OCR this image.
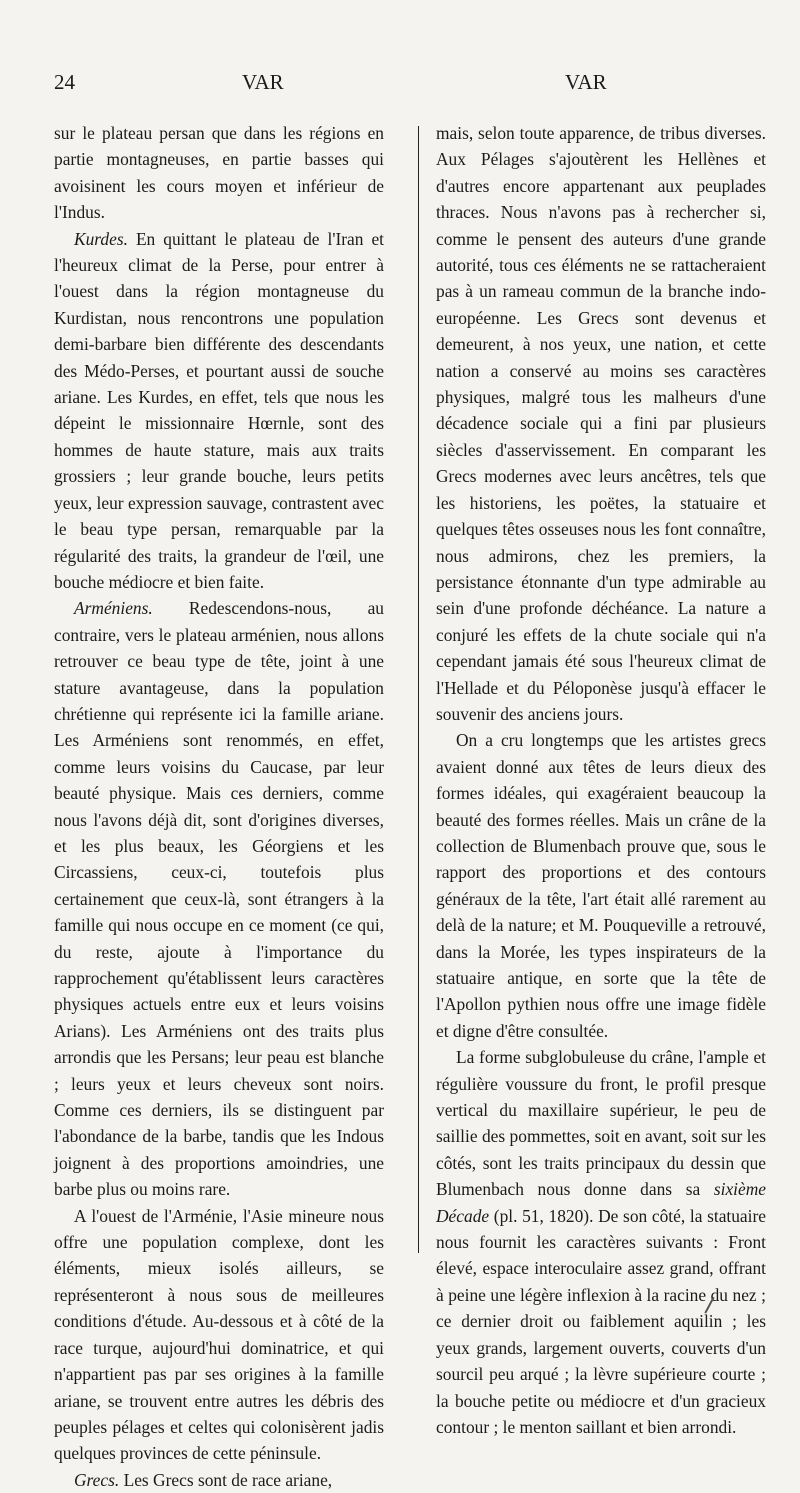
24	VAR	VAR

sur le plateau persan que dans les régions en partie montagneuses, en partie basses qui avoisinent les cours moyen et inférieur de l'Indus.

Kurdes. En quittant le plateau de l'Iran et l'heureux climat de la Perse, pour entrer à l'ouest dans la région montagneuse du Kurdistan, nous rencontrons une population demi-barbare bien différente des descendants des Médo-Perses, et pourtant aussi de souche ariane. Les Kurdes, en effet, tels que nous les dépeint le missionnaire Hœrnle, sont des hommes de haute stature, mais aux traits grossiers ; leur grande bouche, leurs petits yeux, leur expression sauvage, contrastent avec le beau type persan, remarquable par la régularité des traits, la grandeur de l'œil, une bouche médiocre et bien faite.

Arméniens. Redescendons-nous, au contraire, vers le plateau arménien, nous allons retrouver ce beau type de tête, joint à une stature avantageuse, dans la population chrétienne qui représente ici la famille ariane. Les Arméniens sont renommés, en effet, comme leurs voisins du Caucase, par leur beauté physique. Mais ces derniers, comme nous l'avons déjà dit, sont d'origines diverses, et les plus beaux, les Géorgiens et les Circassiens, ceux-ci, toutefois plus certainement que ceux-là, sont étrangers à la famille qui nous occupe en ce moment (ce qui, du reste, ajoute à l'importance du rapprochement qu'établissent leurs caractères physiques actuels entre eux et leurs voisins Arians). Les Arméniens ont des traits plus arrondis que les Persans; leur peau est blanche ; leurs yeux et leurs cheveux sont noirs. Comme ces derniers, ils se distinguent par l'abondance de la barbe, tandis que les Indous joignent à des proportions amoindries, une barbe plus ou moins rare.

A l'ouest de l'Arménie, l'Asie mineure nous offre une population complexe, dont les éléments, mieux isolés ailleurs, se représenteront à nous sous de meilleures conditions d'étude. Au-dessous et à côté de la race turque, aujourd'hui dominatrice, et qui n'appartient pas par ses origines à la famille ariane, se trouvent entre autres les débris des peuples pélages et celtes qui colonisèrent jadis quelques provinces de cette péninsule.

Grecs. Les Grecs sont de race ariane,

mais, selon toute apparence, de tribus diverses. Aux Pélages s'ajoutèrent les Hellènes et d'autres encore appartenant aux peuplades thraces. Nous n'avons pas à rechercher si, comme le pensent des auteurs d'une grande autorité, tous ces éléments ne se rattacheraient pas à un rameau commun de la branche indo-européenne. Les Grecs sont devenus et demeurent, à nos yeux, une nation, et cette nation a conservé au moins ses caractères physiques, malgré tous les malheurs d'une décadence sociale qui a fini par plusieurs siècles d'asservissement. En comparant les Grecs modernes avec leurs ancêtres, tels que les historiens, les poëtes, la statuaire et quelques têtes osseuses nous les font connaître, nous admirons, chez les premiers, la persistance étonnante d'un type admirable au sein d'une profonde déchéance. La nature a conjuré les effets de la chute sociale qui n'a cependant jamais été sous l'heureux climat de l'Hellade et du Péloponèse jusqu'à effacer le souvenir des anciens jours.

On a cru longtemps que les artistes grecs avaient donné aux têtes de leurs dieux des formes idéales, qui exagéraient beaucoup la beauté des formes réelles. Mais un crâne de la collection de Blumenbach prouve que, sous le rapport des proportions et des contours généraux de la tête, l'art était allé rarement au delà de la nature; et M. Pouqueville a retrouvé, dans la Morée, les types inspirateurs de la statuaire antique, en sorte que la tête de l'Apollon pythien nous offre une image fidèle et digne d'être consultée.

La forme subglobuleuse du crâne, l'ample et régulière voussure du front, le profil presque vertical du maxillaire supérieur, le peu de saillie des pommettes, soit en avant, soit sur les côtés, sont les traits principaux du dessin que Blumenbach nous donne dans sa sixième Décade (pl. 51, 1820). De son côté, la statuaire nous fournit les caractères suivants : Front élevé, espace interoculaire assez grand, offrant à peine une légère inflexion à la racine du nez ; ce dernier droit ou faiblement aquilin ; les yeux grands, largement ouverts, couverts d'un sourcil peu arqué ; la lèvre supérieure courte ; la bouche petite ou médiocre et d'un gracieux contour ; le menton saillant et bien arrondi.
